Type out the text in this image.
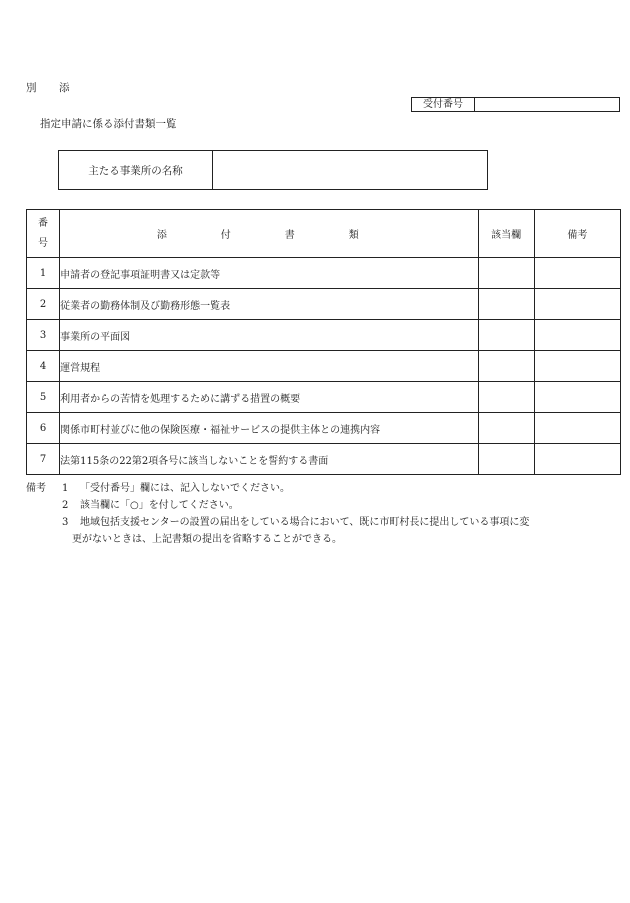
別　添
受付番号
指定申請に係る添付書類一覧
主たる事業所の名称
番
号	添　付　書　類	該当欄	備考
1	申請者の登記事項証明書又は定款等		
2	従業者の勤務体制及び勤務形態一覧表		
3	事業所の平面図		
4	運営規程		
5	利用者からの苦情を処理するために講ずる措置の概要		
6	関係市町村並びに他の保険医療・福祉サービスの提供主体との連携内容		
7	法第115条の22第2項各号に該当しないことを誓約する書面		
備考	1	「受付番号」欄には、記入しないでください。
2	該当欄に「○」を付してください。
3	地域包括支援センターの設置の届出をしている場合において、既に市町村長に提出している事項に変
更がないときは、上記書類の提出を省略することができる。
